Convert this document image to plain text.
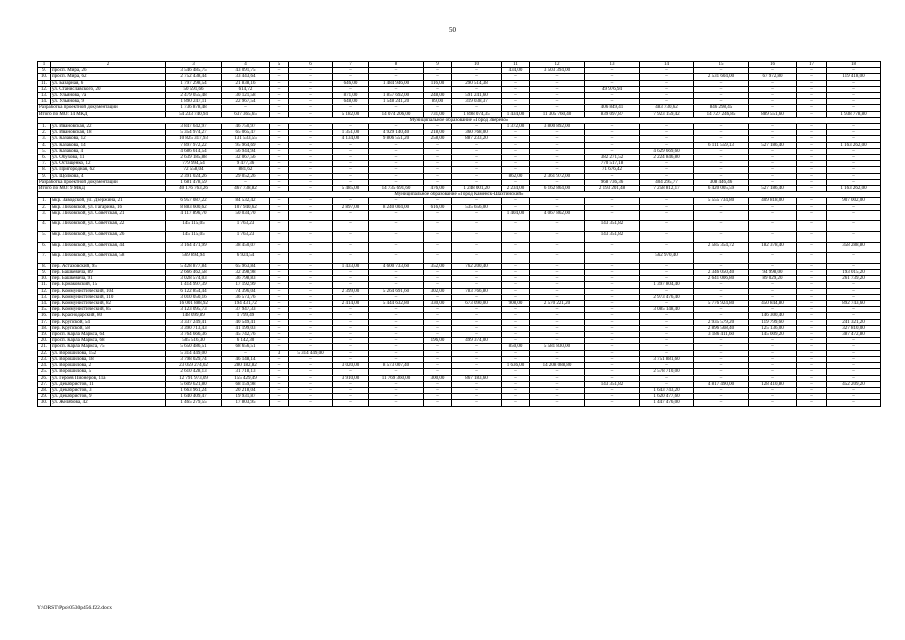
50
1	2	3	4	5	6	7	8	9	10	11	12	13	14	15	16	17	18
9.	просп. Мира, 26	3 546 485,75	43 091,75	–	–	–	–	–	–	434,00	3 503 394,00	–	–	–	–	–	–
10.	просп. Мира, 62	2 752 438,44	33 443,64	–	–	–	–	–	–	–	–	–	–	2 531 604,00	67 972,80	–	119 418,00
11.	ул. Базарная, 6	1 797 298,54	21 838,16	–	–	646,00	1 484 946,00	116,00	290 514,38	–	–	–	–	–	–	–	–
12.	ул. Станиславского, 20	50 591,66	614,72	–	–	–	–	–	–	–	–	49 976,94	–	–	–	–	–
13.	ул. Ульянова, 7а	2 479 055,48	30 121,58	–	–	871,00	1 857 692,00	248,00	591 241,60	–	–	–	–	–	–	–	–
14.	ул. Ульянова, 9	1 890 247,11	22 967,54	–	–	648,00	1 548 241,20	89,00	319 038,37	–	–	–	–	–	–	–	–
Разработка проектной документации		1 736 878,48	–	–	–	–	–	–	–	–	–	406 849,41	483 730,62	846 298,45	–	–	–
Итого по МО: 14 МКД		54 233 740,94	637 365,65	–	–	5 182,00	14 074 206,00	731,00	1 898 074,35	1 434,00	11 305 760,40	839 097,87	7 923 159,42	14 727 246,85	889 551,60	–	1 938 778,80
Муниципальное образование «Город Зверево»																	
1.	ул. Ивановская, 22	3 847 642,97	46 750,97	–	–	–	–	–	–	1 372,00	3 800 892,00	–	–	–	–	–	–
2.	ул. Ивановская, 18	5 354 974,27	65 065,47	–	–	1 351,00	4 929 140,40	218,00	360 768,00	–	–	–	–	–	–	–	–
3.	ул. Казакова, 12	10 825 317,93	131 533,55	–	–	4 134,00	9 806 551,20	258,00	887 233,20	–	–	–	–	–	–	–	–
4.	ул. Казакова, 14	7 897 972,22	95 964,69	–	–	–	–	–	–	–	–	–	–	6 111 559,13	527 186,40	–	1 163 262,00
5.	ул. Казакова, 4	4 686 614,54	56 944,94	–	–	–	–	–	–	–	–	–	4 629 669,60	–	–	–	–
6.	ул. Обухова, 11	2 639 185,88	32 067,56	–	–	–	–	–	–	–	–	382 271,52	2 224 846,80	–	–	–	–
7.	ул. Остащенко, 12	779 994,54	9 477,36	–	–	–	–	–	–	–	–	770 517,18	–	–	–	–	–
8.	ул. Пригородная, 62	72 558,04	881,62	–	–	–	–	–	–	–	–	71 676,42	–	–	–	–	–
9.	ул. Щолкова, 4	2 391 024,26	29 052,26	–	–	–	–	–	–	862,00	2 361 972,00	–	–	–	–	–	–
Разработка проектной документации		1 681 478,59	–	–	–	–	–	–	–	–	–	968 736,36	404 295,77	308 446,46	–	–	–
Итого по МО: 9 МКД		40 176 763,26	467 738,82	–	–	5 485,00	14 735 691,60	476,00	1 248 001,20	2 234,00	6 162 864,00	2 193 201,48	7 258 812,17	6 420 005,59	527 186,40	–	1 163 262,00
Муниципальное образование «Город Каменск-Шахтинский»																	
1.	мкр. Заводской, ул. Дзержина, 21	6 957 087,22	84 532,42	–	–	–	–	–	–	–	–	–	–	5 555 734,80	409 818,00	–	907 002,00
2.	мкр. Лиховской, ул. Гагарина, 16	8 883 600,62	107 940,62	–	–	2 897,00	8 240 004,00	616,00	535 656,00	–	–	–	–	–	–	–	–
3.	мкр. Лиховской, ул. Советская, 21	4 117 896,70	50 034,70	–	–	–	–	–	–	1 404,00	4 067 862,00	–	–	–	–	–	–
4.	мкр. Лиховской, ул. Советская, 22	145 115,05	1 763,23	–	–	–	–	–	–	–	–	143 351,82	–	–	–	–	–
5.	мкр. Лиховской, ул. Советская, 26	145 115,05	1 763,23	–	–	–	–	–	–	–	–	143 351,82	–	–	–	–	–
6.	мкр. Лиховской, ул. Советская, 44	3 164 471,99	38 450,07	–	–	–	–	–	–	–	–	–	–	2 585 354,72	182 378,40	–	358 288,80
7.	мкр. Лиховской, ул. Советская, 58	569 894,94	6 924,54	–	–	–	–	–	–	–	–	–	562 970,40	–	–	–	–
8.	пер. Астаховский, 95	5 428 877,84	65 963,84	–	–	1 433,00	4 600 733,60	352,00	762 200,40	–	–	–	–	–	–	–	–
9.	пер. Башкевича, 89	2 666 462,58	32 398,98	–	–	–	–	–	–	–	–	–	–	2 346 050,40	94 998,00	–	193 015,20
10.	пер. Башкевича, 91	3 028 574,03	36 798,83	–	–	–	–	–	–	–	–	–	–	2 641 006,80	89 029,20	–	261 739,20
11.	пер. Ермаковский, 15	1 414 997,39	17 192,99	–	–	–	–	–	–	–	–	–	1 397 804,40	–	–	–	–
12.	пер. Коммунистический, 104	6 122 854,44	74 396,04	–	–	2 399,00	5 264 691,60	302,00	783 766,80	–	–	–	–	–	–	–	–
13.	пер. Коммунистический, 110	3 010 050,16	36 573,76	–	–	–	–	–	–	–	–	–	2 973 476,40	–	–	–	–
14.	пер. Коммунистический, 82	16 001 888,92	194 431,72	–	–	2 414,00	5 444 632,80	330,00	673 090,00	908,00	2 570 221,20	–	–	5 776 924,80	450 844,80	–	892 743,60
15.	пер. Коммунистический, 85	3 123 095,73	37 947,33	–	–	–	–	–	–	–	–	–	3 085 148,40	–	–	–	–
16.	пер. Краснодарский, 80	148 099,89	1 799,49	–	–	–	–	–	–	–	–	–	–	–	146 300,40	–	–
17.	пер. Крупской, 54	3 337 249,41	40 549,41	–	–	–	–	–	–	–	–	–	–	2 935 579,20	119 799,60	–	241 321,20
18.	пер. Крупской, 58	3 390 713,43	41 199,03	–	–	–	–	–	–	–	–	–	–	2 896 568,40	125 136,00	–	327 810,00
19.	просп. Карла Маркса, 64	3 764 666,36	45 742,76	–	–	–	–	–	–	–	–	–	–	3 186 411,60	145 009,20	–	387 472,80
20.	просп. Карла Маркса, 68	505 516,30	6 142,30	–	–	–	–	196,00	499 374,00	–	–	–	–	–	–	–	–
21.	просп. Карла Маркса, 75	5 650 486,51	68 656,51	–	–	–	–	–	–	850,00	5 581 830,00	–	–	–	–	–	–
22.	ул. Ворошилова, 152	5 314 449,00	–	3	5 314 449,00	–	–	–	–	–	–	–	–	–	–	–	–
23.	ул. Ворошилова, 18	3 798 029,74	46 148,14	–	–	–	–	–	–	–	–	–	3 751 881,60	–	–	–	–
24.	ул. Ворошилова, 2	23 059 274,02	280 182,82	–	–	3 020,00	8 573 007,40	–	–	1 636,00	14 208 088,80	–	–	–	–	–	–
25.	ул. Ворошилова, 5	2 610 428,13	31 718,13	–	–	–	–	–	–	–	–	–	2 578 710,00	–	–	–	–
26.	ул. Героев Пионеров, 11а	12 791 973,09	155 429,49	–	–	3 910,00	11 769 360,00	300,00	867 183,60	–	–	–	–	–	–	–	–
27.	ул. Декабристов, 11	5 609 621,80	68 159,98	–	–	–	–	–	–	–	–	143 351,82	–	4 817 490,00	128 410,80	–	452 209,20
28.	ул. Декабристов, 3	1 663 961,24	20 218,04	–	–	–	–	–	–	–	–	–	1 643 743,20	–	–	–	–
29.	ул. Декабристов, 9	1 640 409,47	19 931,87	–	–	–	–	–	–	–	–	–	1 620 477,60	–	–	–	–
30.	ул. Желябова, 42	1 465 279,55	17 803,95	–	–	–	–	–	–	–	–	–	1 447 476,00	–	–	–	–
Y:\ORST\Ppo\0530p456.f22.docx
